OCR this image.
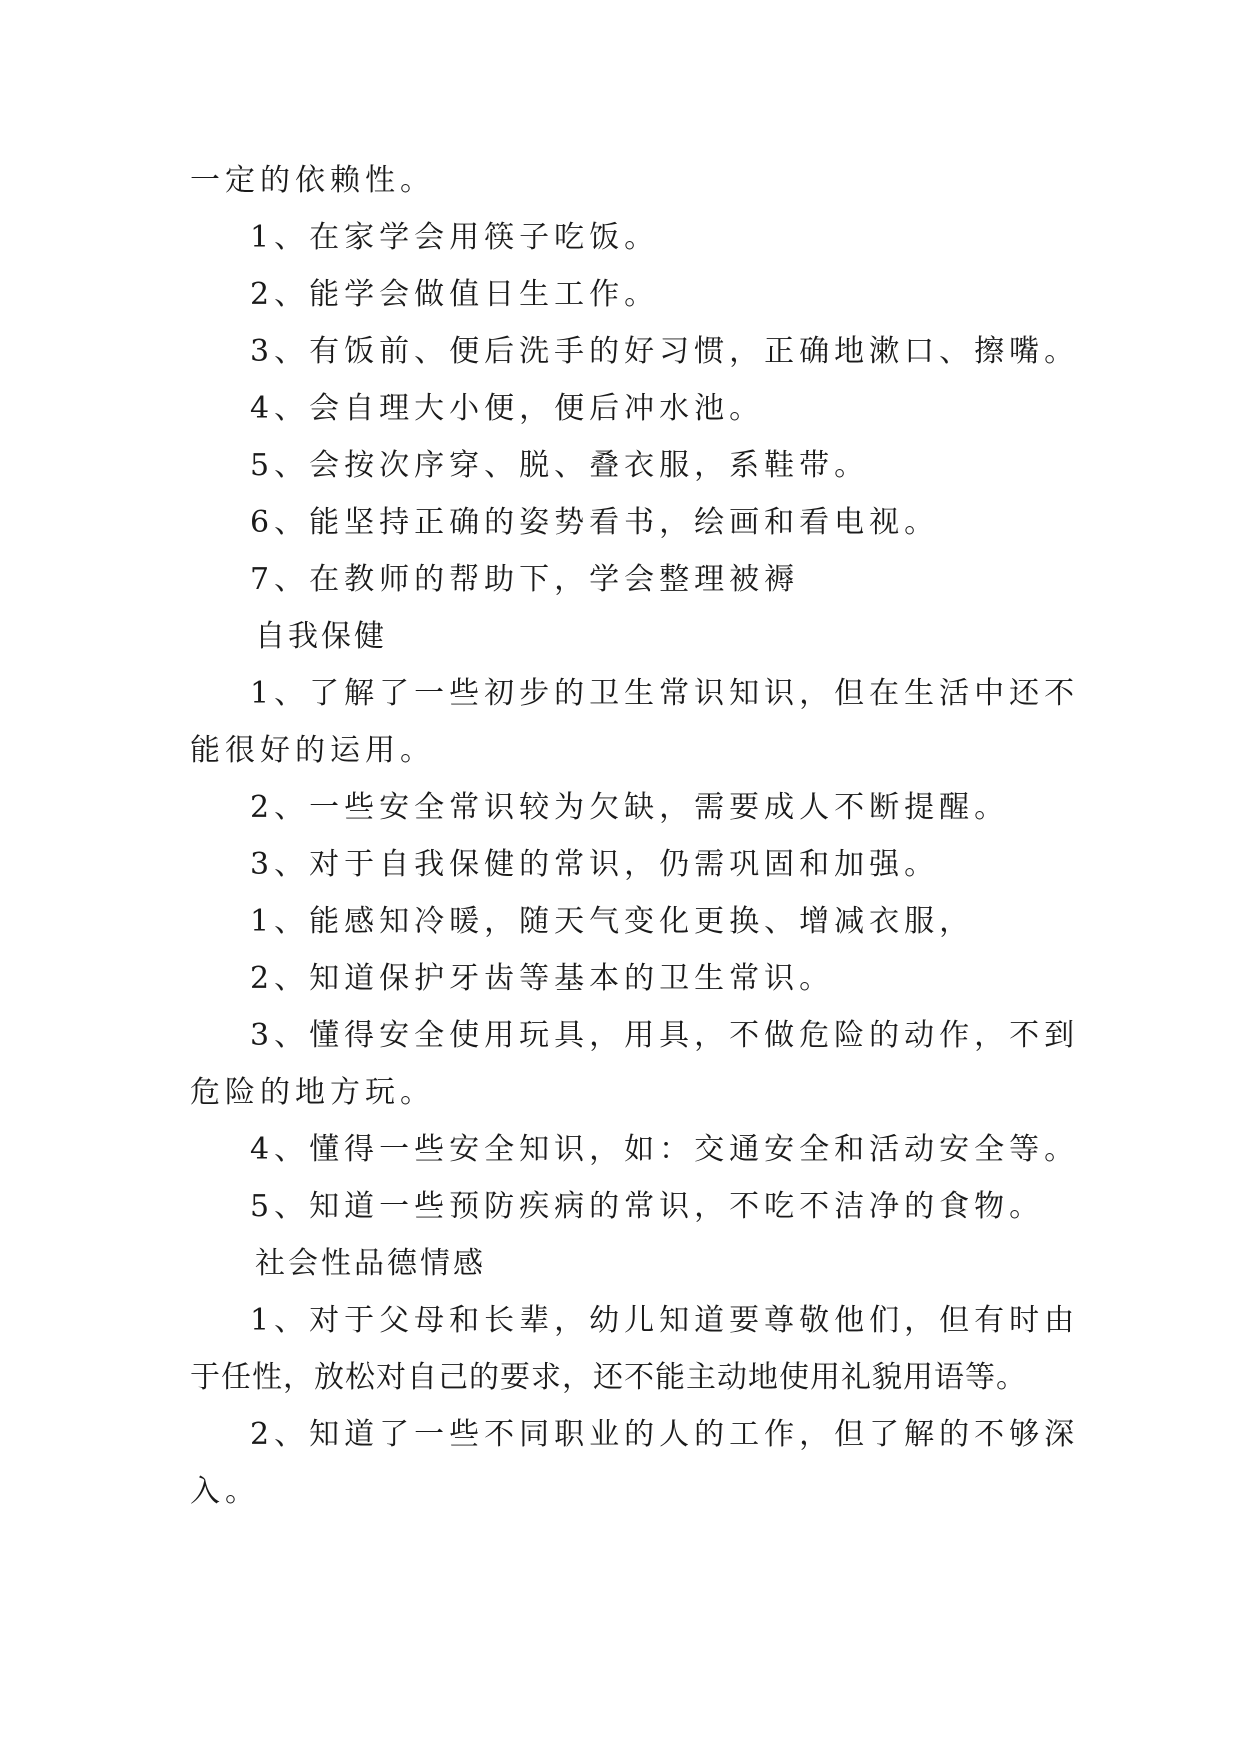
一定的依赖性。
1、在家学会用筷子吃饭。
2、能学会做值日生工作。
3、有饭前、便后洗手的好习惯，正确地漱口、擦嘴。
4、会自理大小便，便后冲水池。
5、会按次序穿、脱、叠衣服，系鞋带。
6、能坚持正确的姿势看书，绘画和看电视。
7、在教师的帮助下，学会整理被褥
自我保健
1、了解了一些初步的卫生常识知识，但在生活中还不
能很好的运用。
2、一些安全常识较为欠缺，需要成人不断提醒。
3、对于自我保健的常识，仍需巩固和加强。
1、能感知冷暖，随天气变化更换、增减衣服，
2、知道保护牙齿等基本的卫生常识。
3、懂得安全使用玩具，用具，不做危险的动作，不到
危险的地方玩。
4、懂得一些安全知识，如：交通安全和活动安全等。
5、知道一些预防疾病的常识，不吃不洁净的食物。
社会性品德情感
1、对于父母和长辈，幼儿知道要尊敬他们，但有时由
于任性，放松对自己的要求，还不能主动地使用礼貌用语等。
2、知道了一些不同职业的人的工作，但了解的不够深
入。
